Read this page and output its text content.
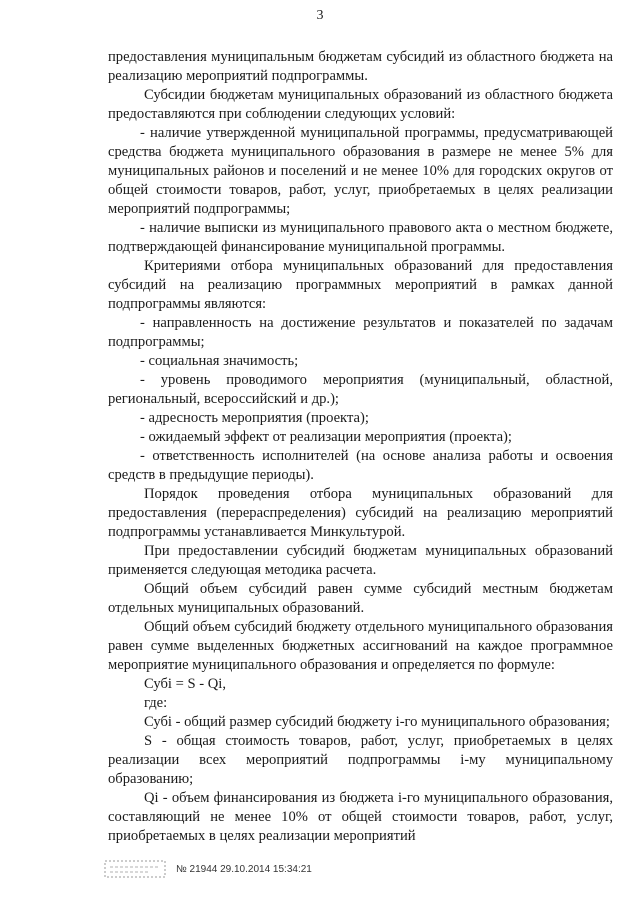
3

предоставления муниципальным бюджетам субсидий из областного бюджета на реализацию мероприятий подпрограммы.

Субсидии бюджетам муниципальных образований из областного бюджета предоставляются при соблюдении следующих условий:

- наличие утвержденной муниципальной программы, предусматривающей средства бюджета муниципального образования в размере не менее 5% для муниципальных районов и поселений и не менее 10% для городских округов от общей стоимости товаров, работ, услуг, приобретаемых в целях реализации мероприятий подпрограммы;

- наличие выписки из муниципального правового акта о местном бюджете, подтверждающей финансирование муниципальной программы.

Критериями отбора муниципальных образований для предоставления субсидий на реализацию программных мероприятий в рамках данной подпрограммы являются:

- направленность на достижение результатов и показателей по задачам подпрограммы;

- социальная значимость;

- уровень проводимого мероприятия (муниципальный, областной, региональный, всероссийский и др.);

- адресность мероприятия (проекта);

- ожидаемый эффект от реализации мероприятия (проекта);

- ответственность исполнителей (на основе анализа работы и освоения средств в предыдущие периоды).

Порядок проведения отбора муниципальных образований для предоставления (перераспределения) субсидий на реализацию мероприятий подпрограммы устанавливается Минкультурой.

При предоставлении субсидий бюджетам муниципальных образований применяется следующая методика расчета.

Общий объем субсидий равен сумме субсидий местным бюджетам отдельных муниципальных образований.

Общий объем субсидий бюджету отдельного муниципального образования равен сумме выделенных бюджетных ассигнований на каждое программное мероприятие муниципального образования и определяется по формуле:

Субі = S - Qi,

где:

Субі - общий размер субсидий бюджету i-го муниципального образования;

S - общая стоимость товаров, работ, услуг, приобретаемых в целях реализации всех мероприятий подпрограммы i-му муниципальному образованию;

Qi - объем финансирования из бюджета i-го муниципального образования, составляющий не менее 10% от общей стоимости товаров, работ, услуг, приобретаемых в целях реализации мероприятий

№ 21944 29.10.2014 15:34:21
